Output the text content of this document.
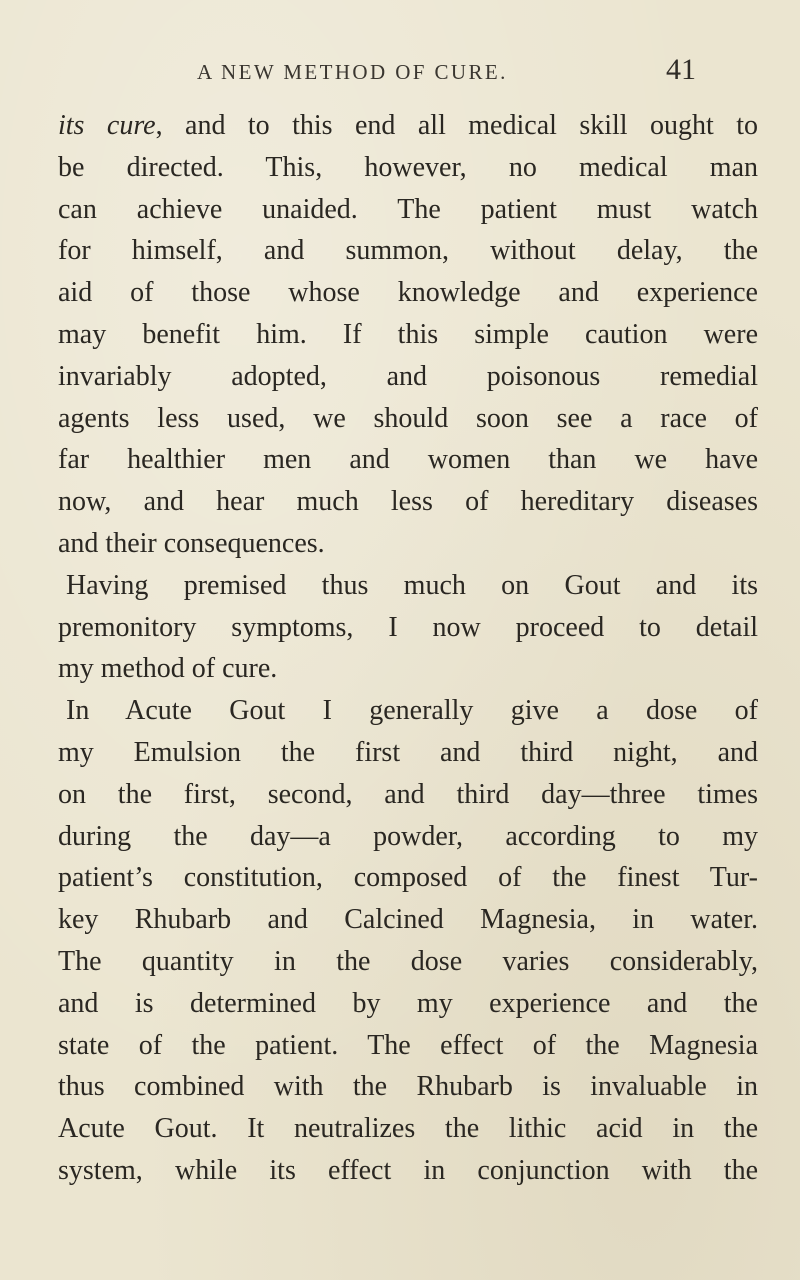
A NEW METHOD OF CURE.	41
its cure, and to this end all medical skill ought to
be directed. This, however, no medical man
can achieve unaided. The patient must watch
for himself, and summon, without delay, the
aid of those whose knowledge and experience
may benefit him. If this simple caution were
invariably adopted, and poisonous remedial
agents less used, we should soon see a race of
far healthier men and women than we have
now, and hear much less of hereditary diseases
and their consequences.
Having premised thus much on Gout and its
premonitory symptoms, I now proceed to detail
my method of cure.
In Acute Gout I generally give a dose of
my Emulsion the first and third night, and
on the first, second, and third day—three times
during the day—a powder, according to my
patient’s constitution, composed of the finest Tur-
key Rhubarb and Calcined Magnesia, in water.
The quantity in the dose varies considerably,
and is determined by my experience and the
state of the patient. The effect of the Magnesia
thus combined with the Rhubarb is invaluable in
Acute Gout. It neutralizes the lithic acid in the
system, while its effect in conjunction with the
